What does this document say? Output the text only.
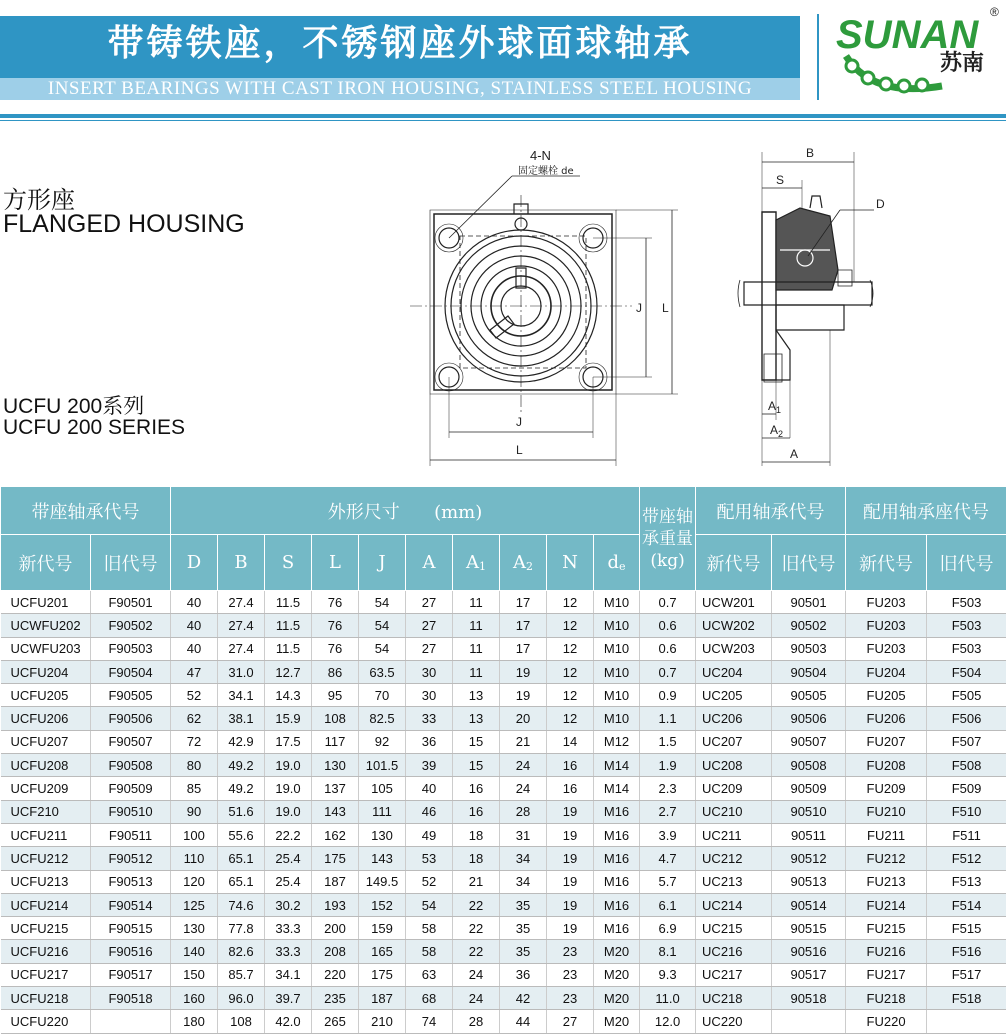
带铸铁座，不锈钢座外球面球轴承
INSERT BEARINGS WITH CAST IRON HOUSING, STAINLESS STEEL HOUSING
SUNAN
®
苏南
方形座
FLANGED HOUSING
UCFU 200系列
UCFU 200 SERIES
4-N
固定螺栓 de
J L
J
L
B
S
D
$A_1$
$A_2$
A
带座轴承代号		外形尺寸      (mm)										带座轴承重量(kg)	配用轴承代号		配用轴承座代号	
新代号	旧代号	D	B	S	L	J	A	A1	A2	N	de		新代号	旧代号	新代号	旧代号
UCFU201	F90501	40	27.4	11.5	76	54	27	11	17	12	M10	0.7	UCW201	90501	FU203	F503
UCWFU202	F90502	40	27.4	11.5	76	54	27	11	17	12	M10	0.6	UCW202	90502	FU203	F503
UCWFU203	F90503	40	27.4	11.5	76	54	27	11	17	12	M10	0.6	UCW203	90503	FU203	F503
UCFU204	F90504	47	31.0	12.7	86	63.5	30	11	19	12	M10	0.7	UC204	90504	FU204	F504
UCFU205	F90505	52	34.1	14.3	95	70	30	13	19	12	M10	0.9	UC205	90505	FU205	F505
UCFU206	F90506	62	38.1	15.9	108	82.5	33	13	20	12	M10	1.1	UC206	90506	FU206	F506
UCFU207	F90507	72	42.9	17.5	117	92	36	15	21	14	M12	1.5	UC207	90507	FU207	F507
UCFU208	F90508	80	49.2	19.0	130	101.5	39	15	24	16	M14	1.9	UC208	90508	FU208	F508
UCFU209	F90509	85	49.2	19.0	137	105	40	16	24	16	M14	2.3	UC209	90509	FU209	F509
UCF210	F90510	90	51.6	19.0	143	111	46	16	28	19	M16	2.7	UC210	90510	FU210	F510
UCFU211	F90511	100	55.6	22.2	162	130	49	18	31	19	M16	3.9	UC211	90511	FU211	F511
UCFU212	F90512	110	65.1	25.4	175	143	53	18	34	19	M16	4.7	UC212	90512	FU212	F512
UCFU213	F90513	120	65.1	25.4	187	149.5	52	21	34	19	M16	5.7	UC213	90513	FU213	F513
UCFU214	F90514	125	74.6	30.2	193	152	54	22	35	19	M16	6.1	UC214	90514	FU214	F514
UCFU215	F90515	130	77.8	33.3	200	159	58	22	35	19	M16	6.9	UC215	90515	FU215	F515
UCFU216	F90516	140	82.6	33.3	208	165	58	22	35	23	M20	8.1	UC216	90516	FU216	F516
UCFU217	F90517	150	85.7	34.1	220	175	63	24	36	23	M20	9.3	UC217	90517	FU217	F517
UCFU218	F90518	160	96.0	39.7	235	187	68	24	42	23	M20	11.0	UC218	90518	FU218	F518
UCFU220		180	108	42.0	265	210	74	28	44	27	M20	12.0	UC220		FU220	
